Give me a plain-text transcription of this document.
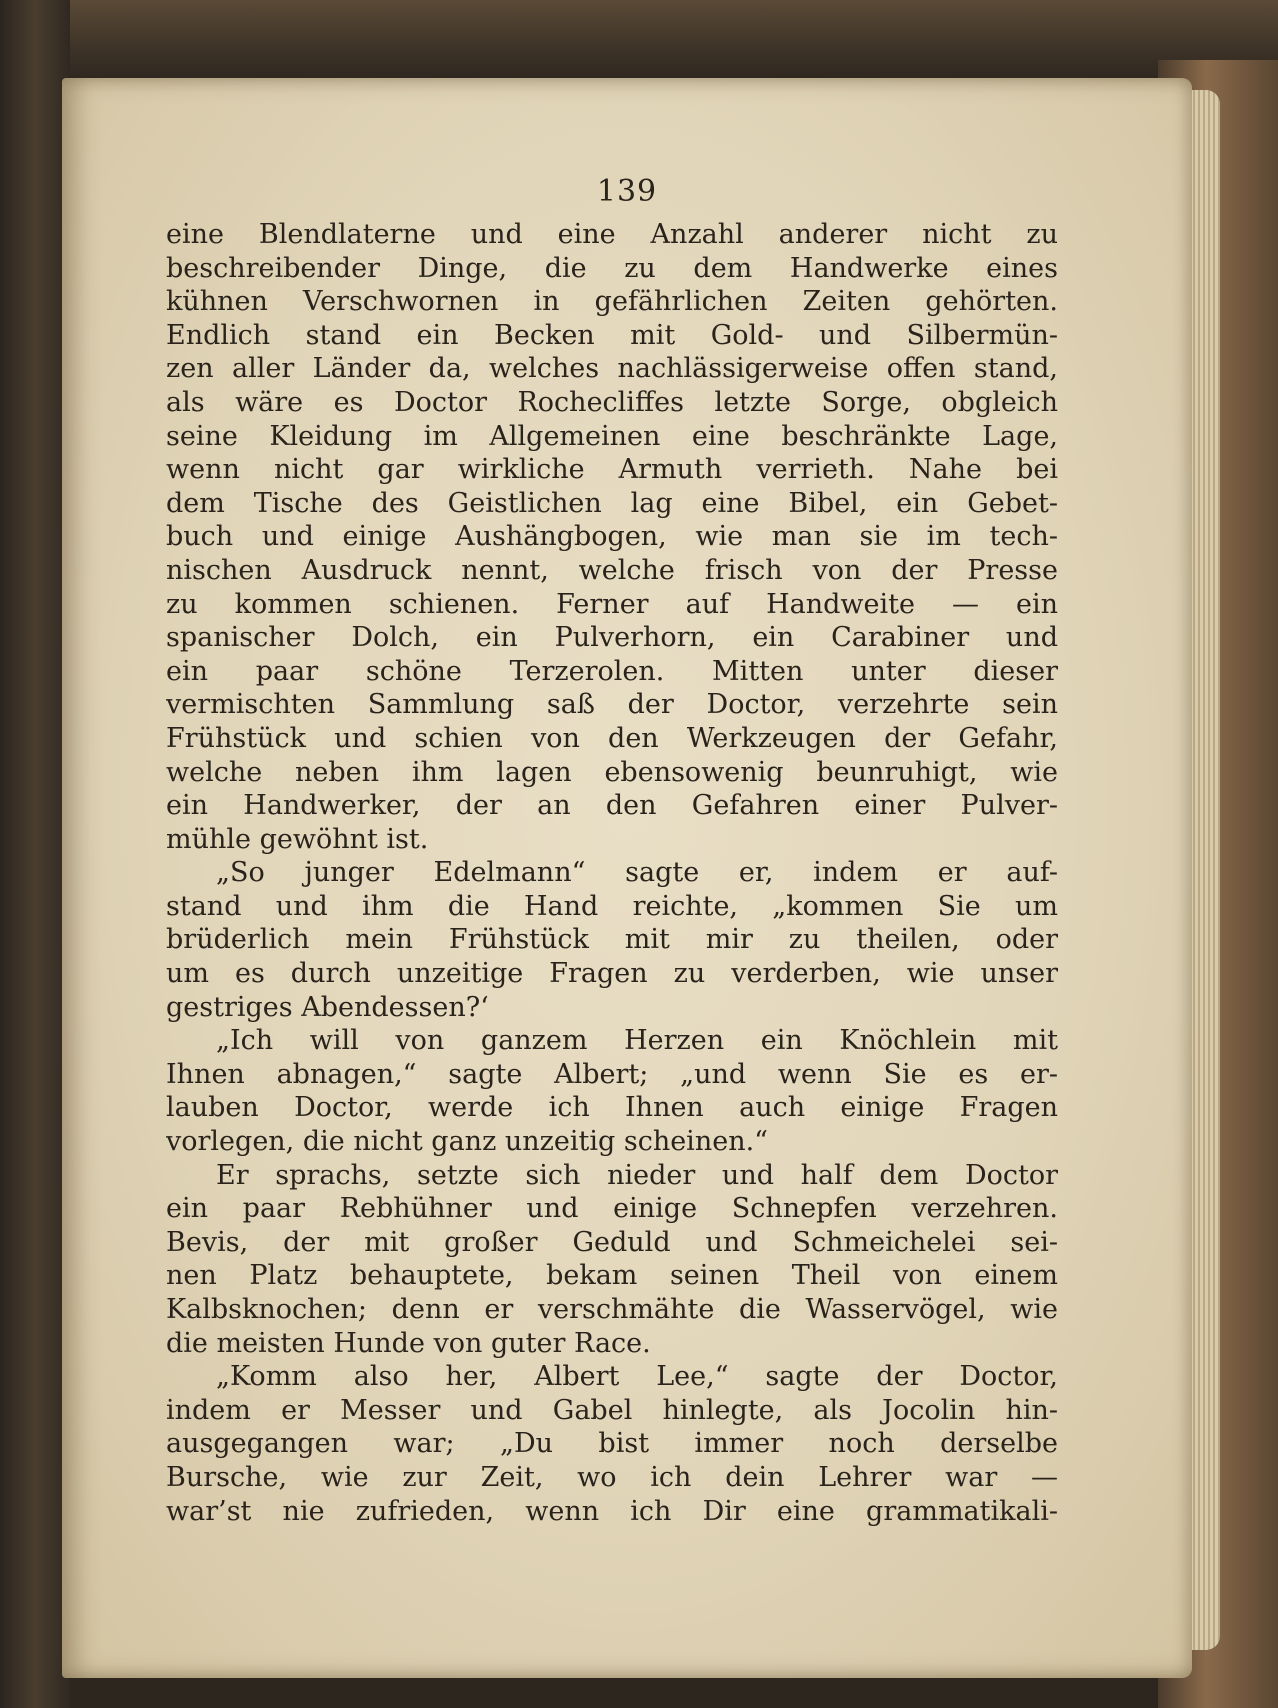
139
eine Blendlaterne und eine Anzahl anderer nicht zu
beschreibender Dinge, die zu dem Handwerke eines
kühnen Verschwornen in gefährlichen Zeiten gehörten.
Endlich stand ein Becken mit Gold- und Silbermün-
zen aller Länder da, welches nachlässigerweise offen stand,
als wäre es Doctor Rochecliffes letzte Sorge, obgleich
seine Kleidung im Allgemeinen eine beschränkte Lage,
wenn nicht gar wirkliche Armuth verrieth. Nahe bei
dem Tische des Geistlichen lag eine Bibel, ein Gebet-
buch und einige Aushängbogen, wie man sie im tech-
nischen Ausdruck nennt, welche frisch von der Presse
zu kommen schienen. Ferner auf Handweite — ein
spanischer Dolch, ein Pulverhorn, ein Carabiner und
ein paar schöne Terzerolen. Mitten unter dieser
vermischten Sammlung saß der Doctor, verzehrte sein
Frühstück und schien von den Werkzeugen der Gefahr,
welche neben ihm lagen ebensowenig beunruhigt, wie
ein Handwerker, der an den Gefahren einer Pulver-
mühle gewöhnt ist.
„So junger Edelmann“ sagte er, indem er auf-
stand und ihm die Hand reichte, „kommen Sie um
brüderlich mein Frühstück mit mir zu theilen, oder
um es durch unzeitige Fragen zu verderben, wie unser
gestriges Abendessen?‘
„Ich will von ganzem Herzen ein Knöchlein mit
Ihnen abnagen,“ sagte Albert; „und wenn Sie es er-
lauben Doctor, werde ich Ihnen auch einige Fragen
vorlegen, die nicht ganz unzeitig scheinen.“
Er sprachs, setzte sich nieder und half dem Doctor
ein paar Rebhühner und einige Schnepfen verzehren.
Bevis, der mit großer Geduld und Schmeichelei sei-
nen Platz behauptete, bekam seinen Theil von einem
Kalbsknochen; denn er verschmähte die Wasservögel, wie
die meisten Hunde von guter Race.
„Komm also her, Albert Lee,“ sagte der Doctor,
indem er Messer und Gabel hinlegte, als Jocolin hin-
ausgegangen war; „Du bist immer noch derselbe
Bursche, wie zur Zeit, wo ich dein Lehrer war —
war’st nie zufrieden, wenn ich Dir eine grammatikali-
